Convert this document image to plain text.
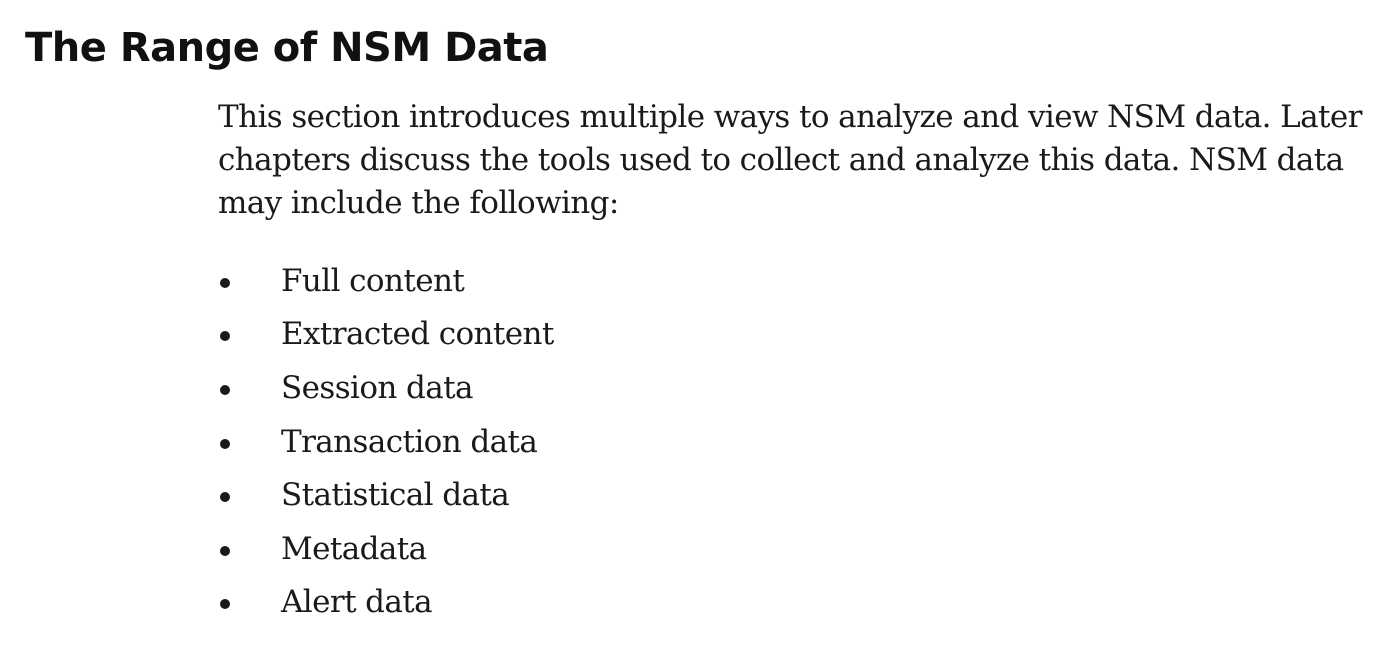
The Range of NSM Data

This section introduces multiple ways to analyze and view NSM data. Later chapters discuss the tools used to collect and analyze this data. NSM data may include the following:

Full content
Extracted content
Session data
Transaction data
Statistical data
Metadata
Alert data
